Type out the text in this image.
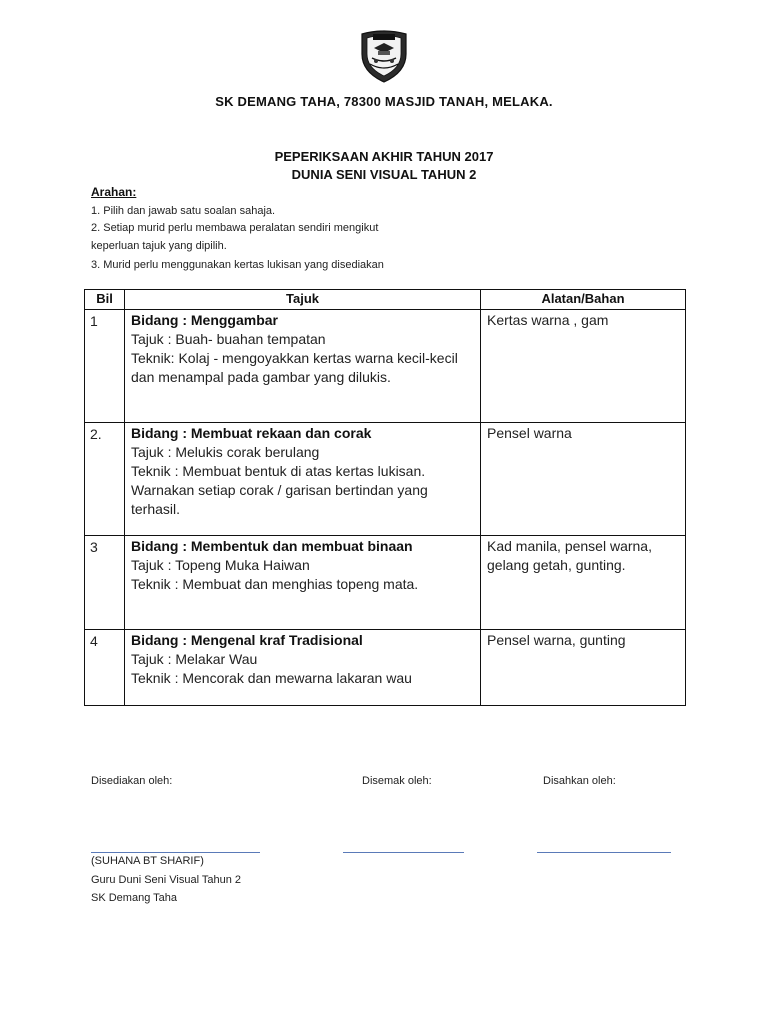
SK DEMANG TAHA, 78300 MASJID TANAH, MELAKA.
PEPERIKSAAN AKHIR TAHUN 2017
DUNIA SENI VISUAL TAHUN 2
Arahan:
1. Pilih dan jawab satu soalan sahaja.
2. Setiap murid perlu membawa peralatan sendiri mengikut
keperluan tajuk yang dipilih.
3. Murid perlu menggunakan kertas lukisan yang disediakan
Bil	Tajuk	Alatan/Bahan
1	Bidang : Menggambar
Tajuk : Buah- buahan tempatan
Teknik: Kolaj - mengoyakkan kertas warna kecil-kecil
dan menampal pada gambar yang dilukis.	Kertas warna , gam
2.	Bidang : Membuat rekaan dan corak
Tajuk : Melukis corak berulang
Teknik : Membuat bentuk di atas kertas lukisan.
Warnakan setiap corak / garisan bertindan yang terhasil.	Pensel warna
3	Bidang : Membentuk dan membuat binaan
Tajuk : Topeng Muka Haiwan
Teknik : Membuat dan menghias topeng mata.	Kad manila, pensel warna, gelang getah, gunting.
4	Bidang : Mengenal kraf Tradisional
Tajuk : Melakar Wau
Teknik : Mencorak dan mewarna lakaran wau	Pensel warna, gunting
Disediakan oleh:	Disemak oleh:	Disahkan oleh:
(SUHANA BT SHARIF)
Guru Duni Seni Visual Tahun 2
SK Demang Taha
